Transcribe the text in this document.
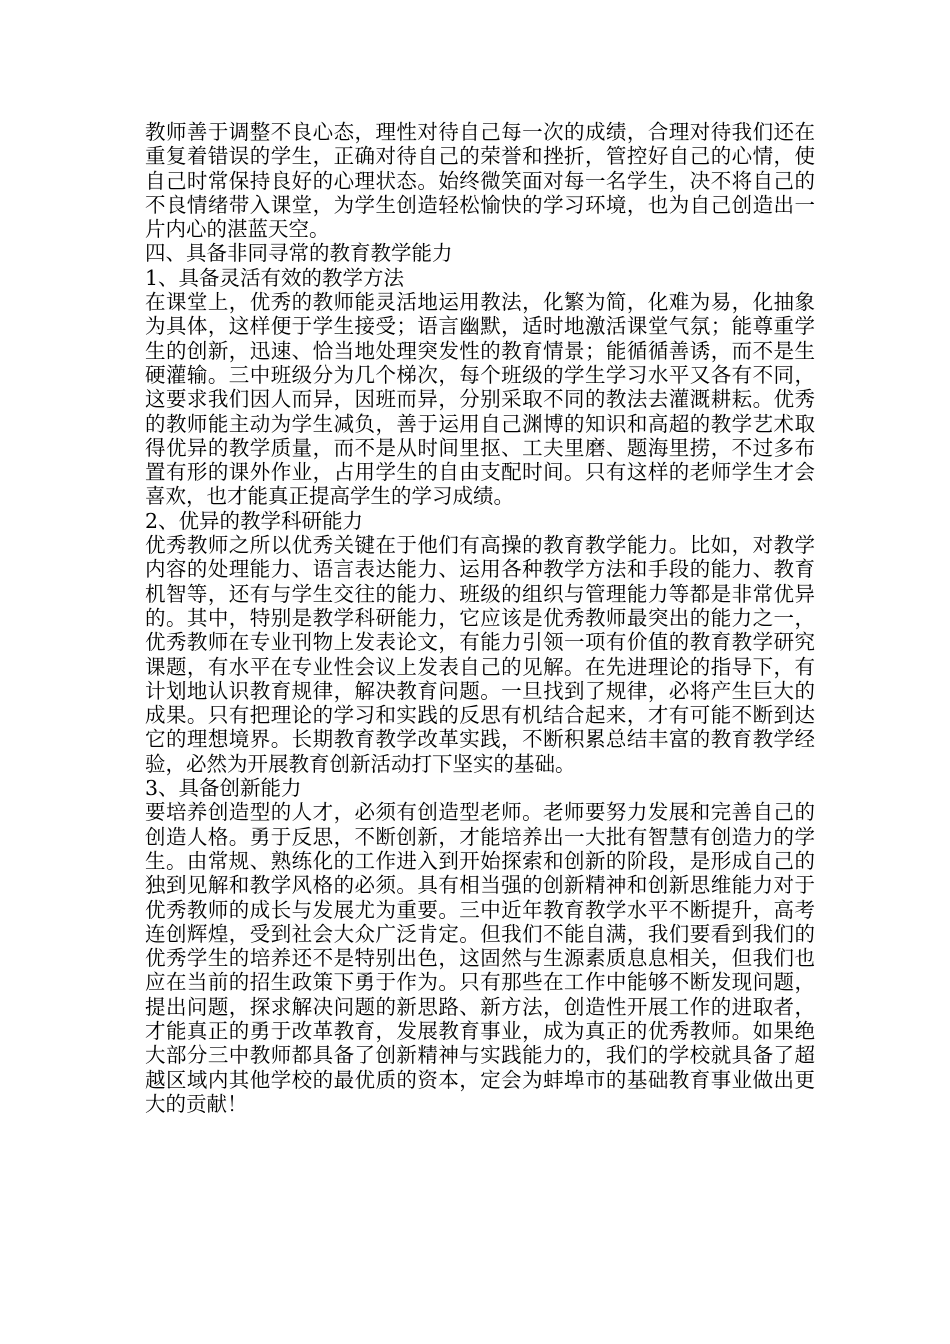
教师善于调整不良心态，理性对待自己每一次的成绩，合理对待我们还在重复着错误的学生，正确对待自己的荣誉和挫折，管控好自己的心情，使自己时常保持良好的心理状态。始终微笑面对每一名学生，决不将自己的不良情绪带入课堂，为学生创造轻松愉快的学习环境，也为自己创造出一片内心的湛蓝天空。

四、具备非同寻常的教育教学能力

1、具备灵活有效的教学方法

在课堂上，优秀的教师能灵活地运用教法，化繁为简，化难为易，化抽象为具体，这样便于学生接受；语言幽默，适时地激活课堂气氛；能尊重学生的创新，迅速、恰当地处理突发性的教育情景；能循循善诱，而不是生硬灌输。三中班级分为几个梯次，每个班级的学生学习水平又各有不同，这要求我们因人而异，因班而异，分别采取不同的教法去灌溉耕耘。优秀的教师能主动为学生减负，善于运用自己渊博的知识和高超的教学艺术取得优异的教学质量，而不是从时间里抠、工夫里磨、题海里捞，不过多布置有形的课外作业，占用学生的自由支配时间。只有这样的老师学生才会喜欢，也才能真正提高学生的学习成绩。

2、优异的教学科研能力

优秀教师之所以优秀关键在于他们有高操的教育教学能力。比如，对教学内容的处理能力、语言表达能力、运用各种教学方法和手段的能力、教育机智等，还有与学生交往的能力、班级的组织与管理能力等都是非常优异的。其中，特别是教学科研能力，它应该是优秀教师最突出的能力之一，优秀教师在专业刊物上发表论文，有能力引领一项有价值的教育教学研究课题，有水平在专业性会议上发表自己的见解。在先进理论的指导下，有计划地认识教育规律，解决教育问题。一旦找到了规律，必将产生巨大的成果。只有把理论的学习和实践的反思有机结合起来，才有可能不断到达它的理想境界。长期教育教学改革实践，不断积累总结丰富的教育教学经验，必然为开展教育创新活动打下坚实的基础。

3、具备创新能力

要培养创造型的人才，必须有创造型老师。老师要努力发展和完善自己的创造人格。勇于反思，不断创新，才能培养出一大批有智慧有创造力的学生。由常规、熟练化的工作进入到开始探索和创新的阶段，是形成自己的独到见解和教学风格的必须。具有相当强的创新精神和创新思维能力对于优秀教师的成长与发展尤为重要。三中近年教育教学水平不断提升，高考连创辉煌，受到社会大众广泛肯定。但我们不能自满，我们要看到我们的优秀学生的培养还不是特别出色，这固然与生源素质息息相关，但我们也应在当前的招生政策下勇于作为。只有那些在工作中能够不断发现问题，提出问题，探求解决问题的新思路、新方法，创造性开展工作的进取者，才能真正的勇于改革教育，发展教育事业，成为真正的优秀教师。如果绝大部分三中教师都具备了创新精神与实践能力的，我们的学校就具备了超越区域内其他学校的最优质的资本，定会为蚌埠市的基础教育事业做出更大的贡献！
